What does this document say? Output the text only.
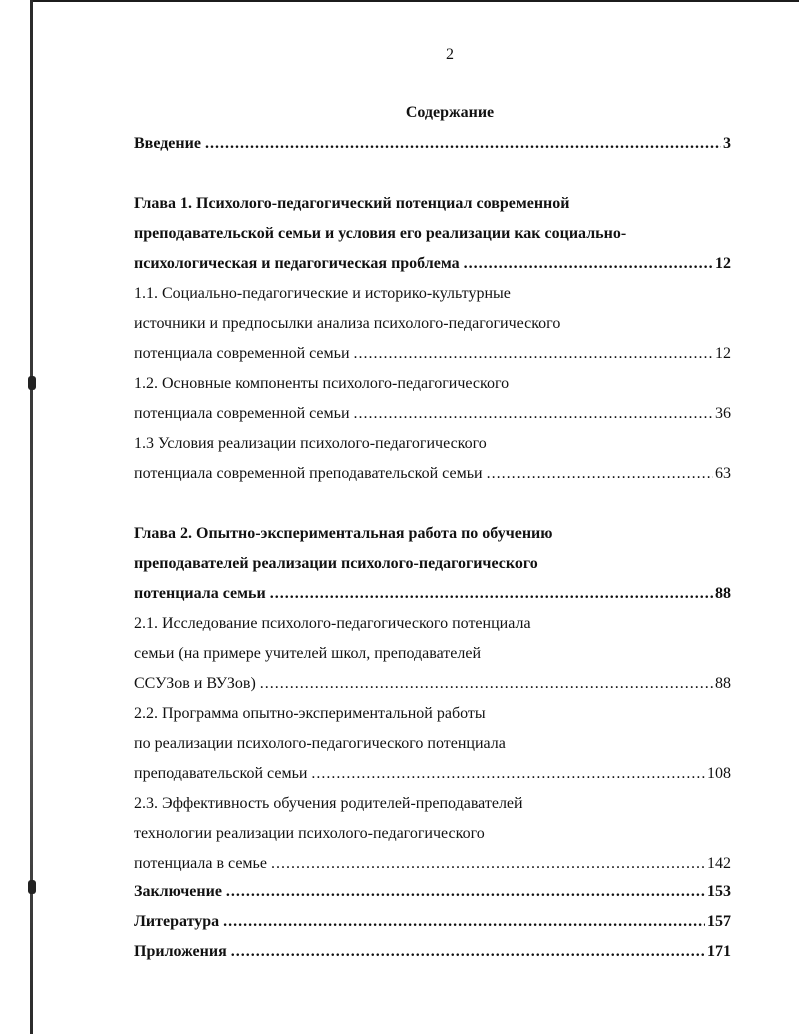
2
Содержание
Введение .....	3
Глава 1. Психолого-педагогический потенциал современной
преподавательской семьи и условия его реализации как социально-
психологическая и педагогическая проблема .....	12
1.1. Социально-педагогические и историко-культурные
источники и предпосылки анализа психолого-педагогического
потенциала современной семьи .....	12
1.2. Основные компоненты психолого-педагогического
потенциала современной семьи .....	36
1.3 Условия реализации психолого-педагогического
потенциала современной преподавательской семьи .....	63
Глава 2. Опытно-экспериментальная работа по обучению
преподавателей реализации психолого-педагогического
потенциала семьи .....	88
2.1. Исследование психолого-педагогического потенциала
семьи (на примере учителей школ, преподавателей
ССУЗов и ВУЗов) .....	88
2.2. Программа опытно-экспериментальной работы
по реализации психолого-педагогического потенциала
преподавательской семьи .....	108
2.3. Эффективность обучения родителей-преподавателей
технологии реализации психолого-педагогического
потенциала в семье .....	142
Заключение .....	153
Литература .....	157
Приложения .....	171
